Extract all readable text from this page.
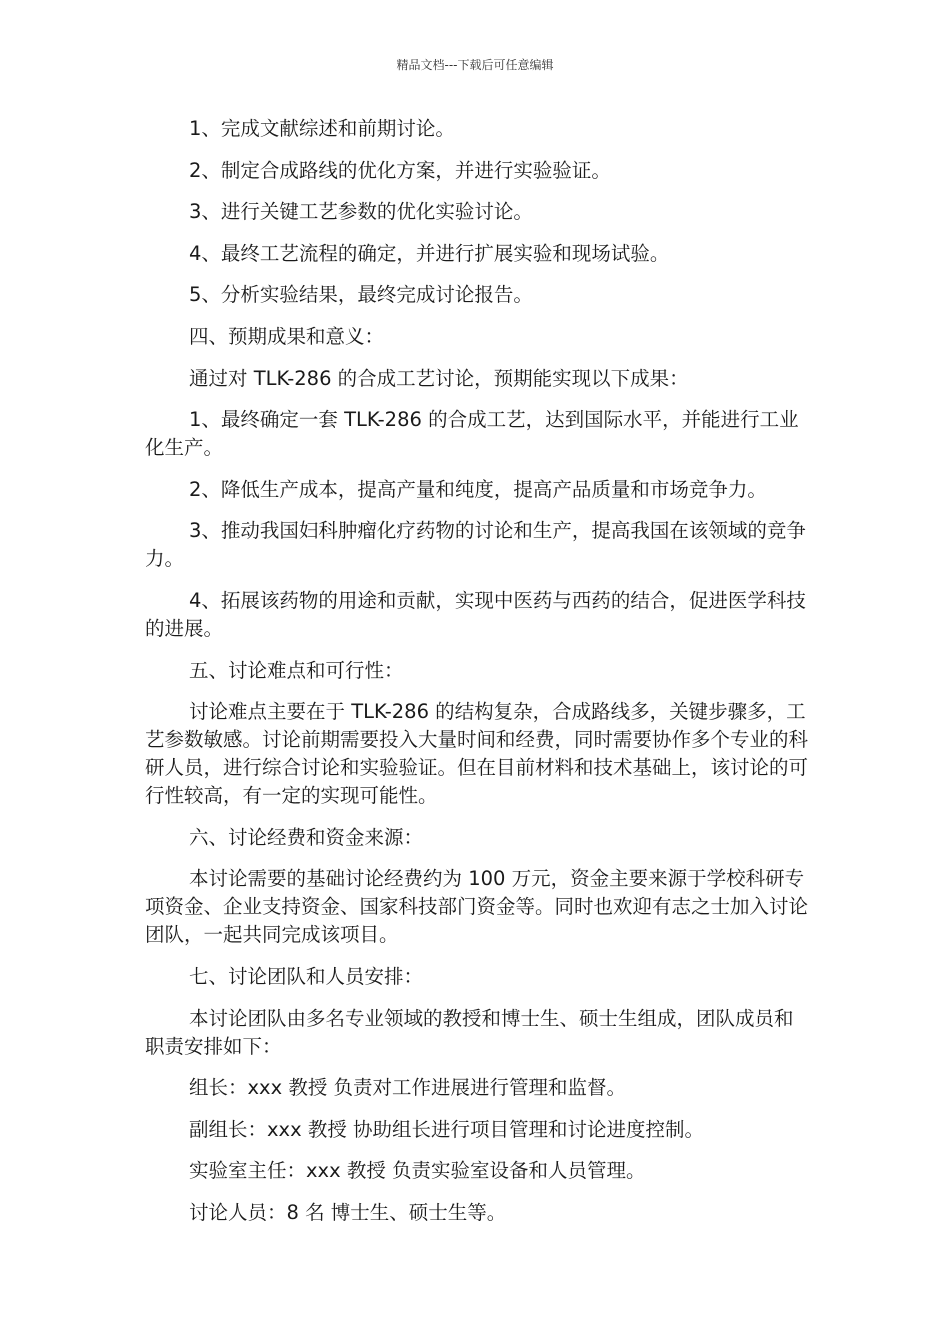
精品文档---下载后可任意编辑

1、完成文献综述和前期讨论。

2、制定合成路线的优化方案，并进行实验验证。

3、进行关键工艺参数的优化实验讨论。

4、最终工艺流程的确定，并进行扩展实验和现场试验。

5、分析实验结果，最终完成讨论报告。

四、预期成果和意义：

通过对 TLK-286 的合成工艺讨论，预期能实现以下成果：

1、最终确定一套 TLK-286 的合成工艺，达到国际水平，并能进行工业化生产。

2、降低生产成本，提高产量和纯度，提高产品质量和市场竞争力。

3、推动我国妇科肿瘤化疗药物的讨论和生产，提高我国在该领域的竞争力。

4、拓展该药物的用途和贡献，实现中医药与西药的结合，促进医学科技的进展。

五、讨论难点和可行性：

讨论难点主要在于 TLK-286 的结构复杂，合成路线多，关键步骤多，工艺参数敏感。讨论前期需要投入大量时间和经费，同时需要协作多个专业的科研人员，进行综合讨论和实验验证。但在目前材料和技术基础上，该讨论的可行性较高，有一定的实现可能性。

六、讨论经费和资金来源：

本讨论需要的基础讨论经费约为 100 万元，资金主要来源于学校科研专项资金、企业支持资金、国家科技部门资金等。同时也欢迎有志之士加入讨论团队，一起共同完成该项目。

七、讨论团队和人员安排：

本讨论团队由多名专业领域的教授和博士生、硕士生组成，团队成员和职责安排如下：

组长：xxx 教授 负责对工作进展进行管理和监督。

副组长：xxx 教授 协助组长进行项目管理和讨论进度控制。

实验室主任：xxx 教授 负责实验室设备和人员管理。

讨论人员：8 名 博士生、硕士生等。
